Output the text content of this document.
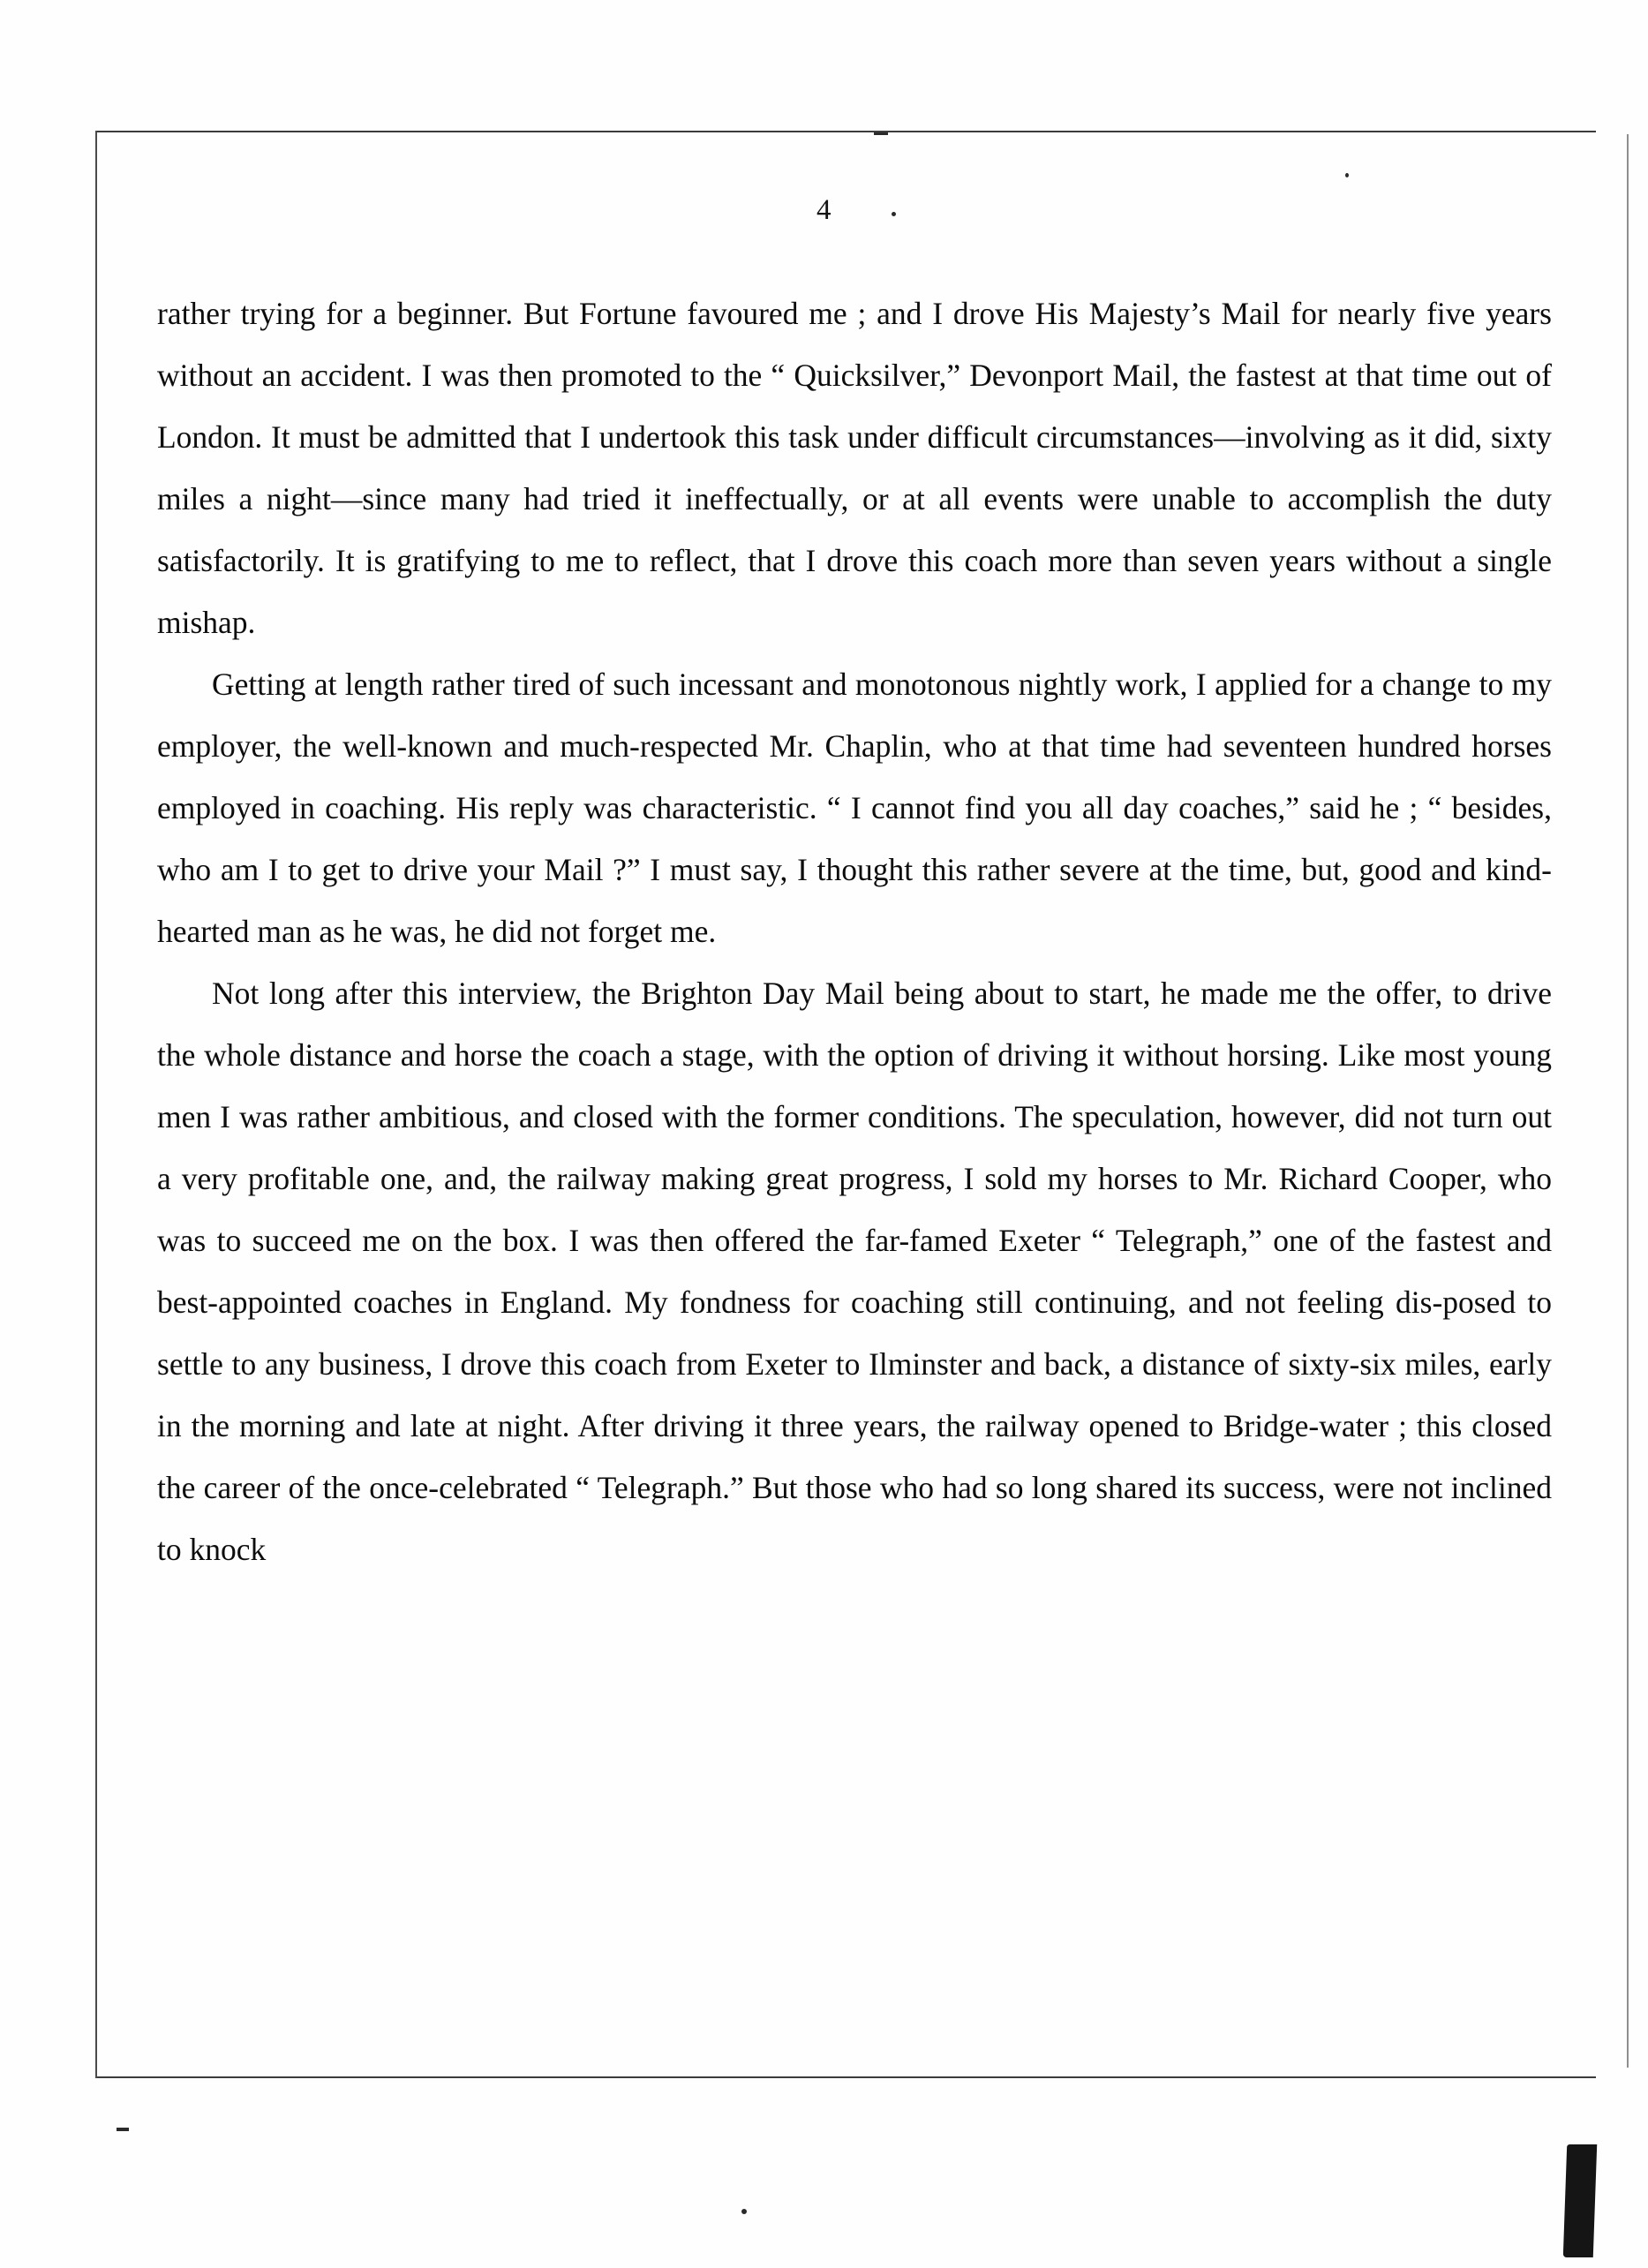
4

rather trying for a beginner. But Fortune favoured me ; and I drove His Majesty’s Mail for nearly five years without an accident. I was then promoted to the “ Quicksilver,” Devonport Mail, the fastest at that time out of London. It must be admitted that I undertook this task under difficult circumstances—involving as it did, sixty miles a night—since many had tried it ineffectually, or at all events were unable to accomplish the duty satisfactorily. It is gratifying to me to reflect, that I drove this coach more than seven years without a single mishap.

Getting at length rather tired of such incessant and monotonous nightly work, I applied for a change to my employer, the well-known and much-respected Mr. Chaplin, who at that time had seventeen hundred horses employed in coaching. His reply was characteristic. “ I cannot find you all day coaches,” said he ; “ besides, who am I to get to drive your Mail ?” I must say, I thought this rather severe at the time, but, good and kind-hearted man as he was, he did not forget me.

Not long after this interview, the Brighton Day Mail being about to start, he made me the offer, to drive the whole distance and horse the coach a stage, with the option of driving it without horsing. Like most young men I was rather ambitious, and closed with the former conditions. The speculation, however, did not turn out a very profitable one, and, the railway making great progress, I sold my horses to Mr. Richard Cooper, who was to succeed me on the box. I was then offered the far-famed Exeter “ Telegraph,” one of the fastest and best-appointed coaches in England. My fondness for coaching still continuing, and not feeling dis-posed to settle to any business, I drove this coach from Exeter to Ilminster and back, a distance of sixty-six miles, early in the morning and late at night. After driving it three years, the railway opened to Bridge-water ; this closed the career of the once-celebrated “ Telegraph.” But those who had so long shared its success, were not inclined to knock
